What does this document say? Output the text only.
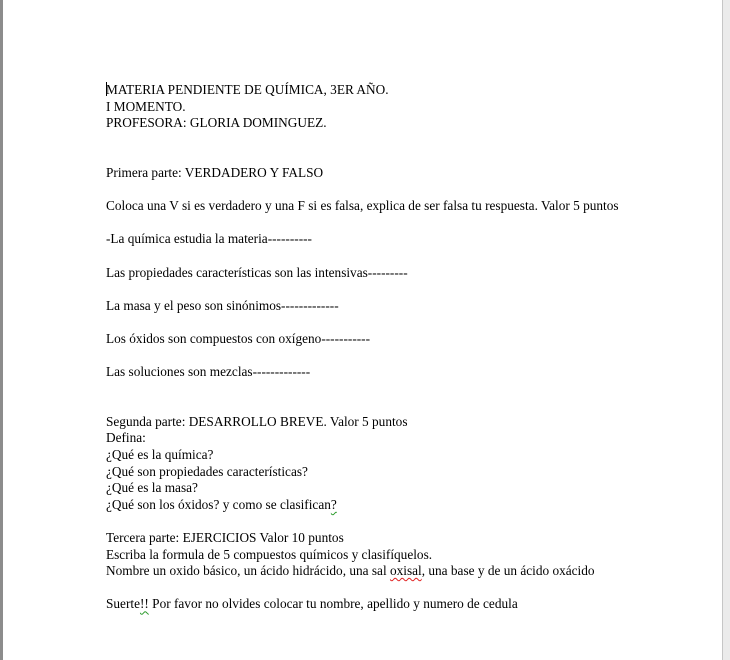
MATERIA PENDIENTE DE QUÍMICA, 3ER AÑO.
I MOMENTO.
PROFESORA: GLORIA DOMINGUEZ.
Primera parte: VERDADERO Y FALSO
Coloca una V si es verdadero y una F si es falsa, explica de ser falsa tu respuesta. Valor 5 puntos
-La química estudia la materia----------
Las propiedades características son las intensivas---------
La masa y el peso son sinónimos-------------
Los óxidos son compuestos con oxígeno-----------
Las soluciones son mezclas-------------
Segunda parte: DESARROLLO BREVE. Valor 5 puntos
Defina:
¿Qué es la química?
¿Qué son propiedades características?
¿Qué es la masa?
¿Qué son los óxidos? y como se clasifican?
Tercera parte: EJERCICIOS Valor 10 puntos
Escriba la formula de 5 compuestos químicos y clasifíquelos.
Nombre un oxido básico, un ácido hidrácido, una sal oxisal, una base y de un ácido oxácido
Suerte!! Por favor no olvides colocar tu nombre, apellido y numero de cedula
